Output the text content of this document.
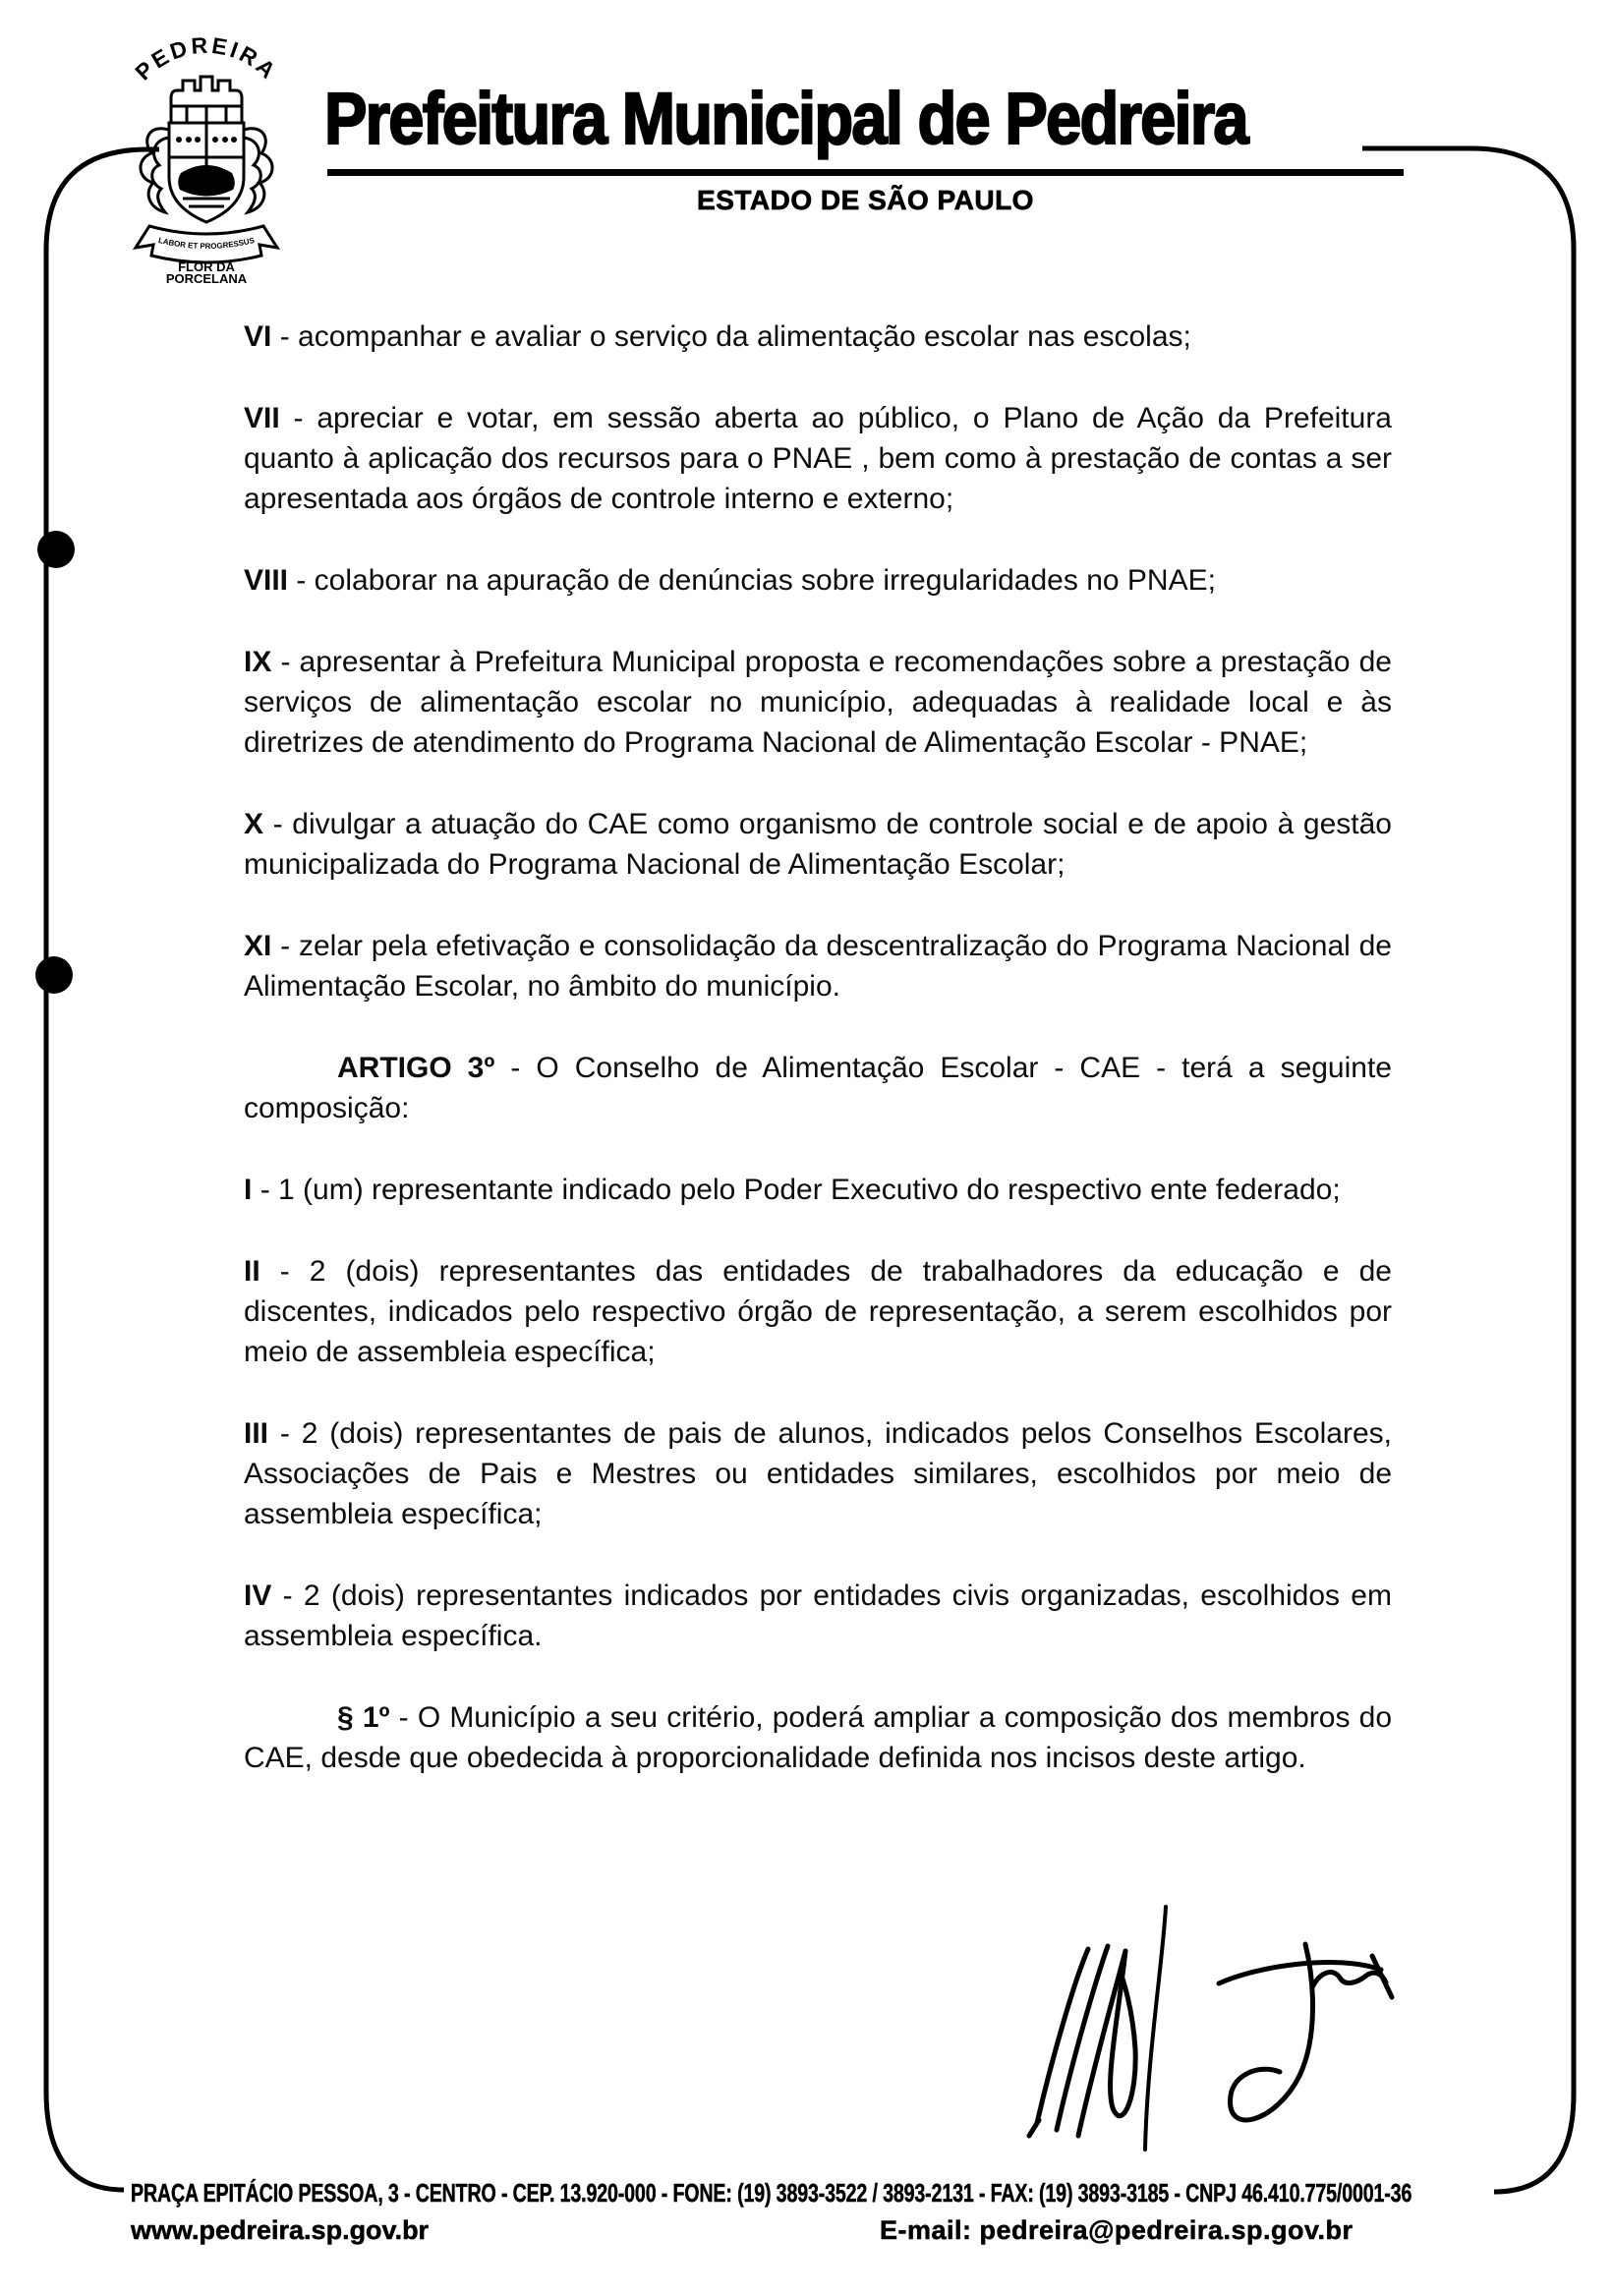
PEDREIRA
LABOR ET PROGRESSUS
FLOR DA
PORCELANA
Prefeitura Municipal de Pedreira
ESTADO DE SÃO PAULO

VI - acompanhar e avaliar o serviço da alimentação escolar nas escolas;

VII - apreciar e votar, em sessão aberta ao público, o Plano de Ação da Prefeitura quanto à aplicação dos recursos para o PNAE , bem como à prestação de contas a ser apresentada aos órgãos de controle interno e externo;

VIII - colaborar na apuração de denúncias sobre irregularidades no PNAE;

IX - apresentar à Prefeitura Municipal proposta e recomendações sobre a prestação de serviços de alimentação escolar no município, adequadas à realidade local e às diretrizes de atendimento do Programa Nacional de Alimentação Escolar - PNAE;

X - divulgar a atuação do CAE como organismo de controle social e de apoio à gestão municipalizada do Programa Nacional de Alimentação Escolar;

XI - zelar pela efetivação e consolidação da descentralização do Programa Nacional de Alimentação Escolar, no âmbito do município.

ARTIGO 3º - O Conselho de Alimentação Escolar - CAE - terá a seguinte composição:

I - 1 (um) representante indicado pelo Poder Executivo do respectivo ente federado;

II - 2 (dois) representantes das entidades de trabalhadores da educação e de discentes, indicados pelo respectivo órgão de representação, a serem escolhidos por meio de assembleia específica;

III - 2 (dois) representantes de pais de alunos, indicados pelos Conselhos Escolares, Associações de Pais e Mestres ou entidades similares, escolhidos por meio de assembleia específica;

IV - 2 (dois) representantes indicados por entidades civis organizadas, escolhidos em assembleia específica.

§ 1º - O Município a seu critério, poderá ampliar a composição dos membros do CAE, desde que obedecida à proporcionalidade definida nos incisos deste artigo.

PRAÇA EPITÁCIO PESSOA, 3 - CENTRO - CEP. 13.920-000 - FONE: (19) 3893-3522 / 3893-2131 - FAX: (19) 3893-3185 - CNPJ 46.410.775/0001-36
www.pedreira.sp.gov.br	E-mail: pedreira@pedreira.sp.gov.br
